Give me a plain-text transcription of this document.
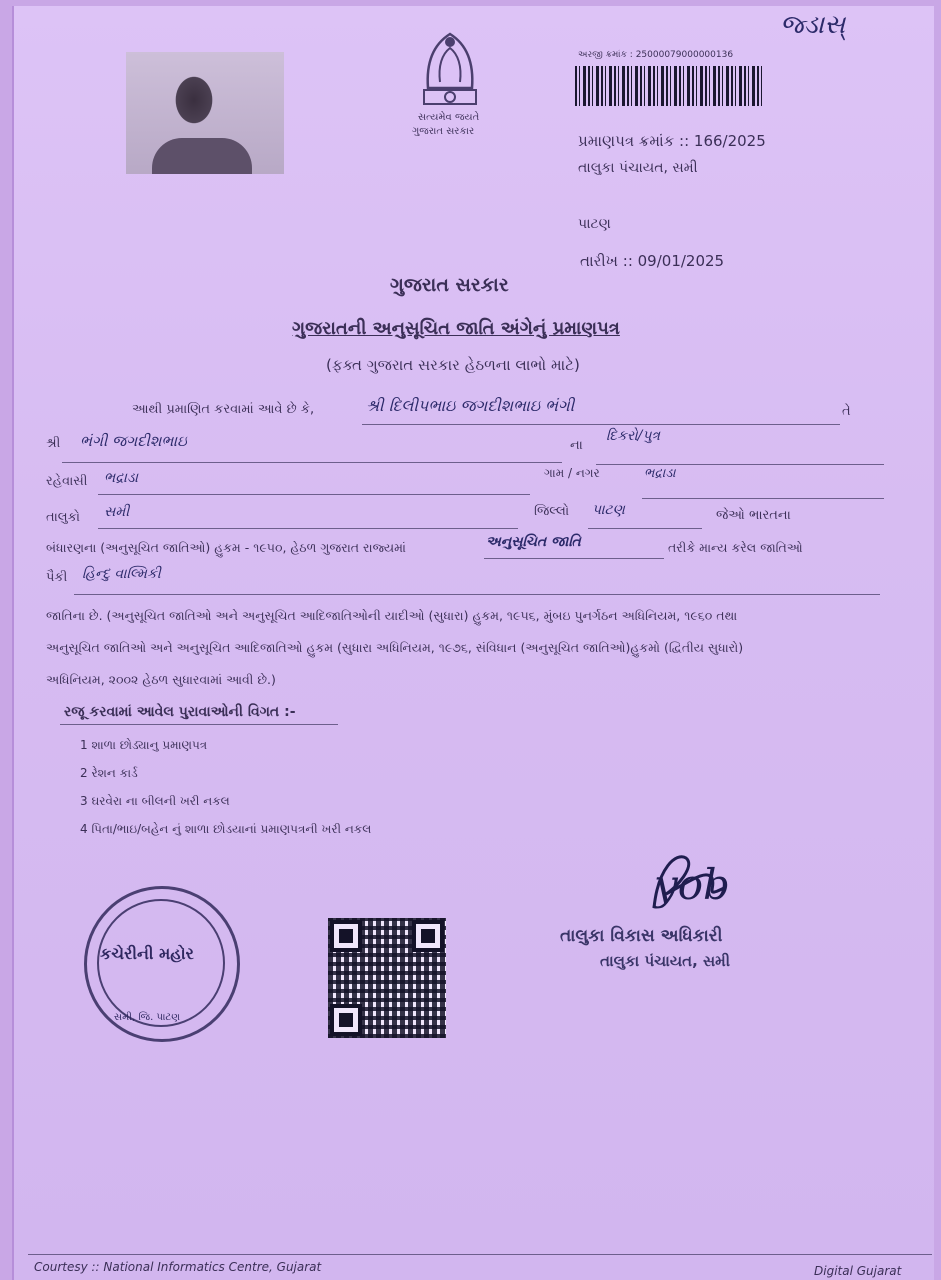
જ્ડાસ્
સત્યમેવ જયતે
ગુજરાત સરકાર
અરજી ક્રમાંક : 25000079000000136
પ્રમાણપત્ર ક્રમાંક :: 166/2025
તાલુકા પંચાયત, સમી
પાટણ
તારીખ :: 09/01/2025
ગુજરાત સરકાર
ગુજરાતની અનુસૂચિત જાતિ અંગેનું પ્રમાણપત્ર
(ફક્ત ગુજરાત સરકાર હેઠળના લાભો માટે)
આથી પ્રમાણિત કરવામાં આવે છે કે,	શ્રી દિલીપભાઇ જગદીશભાઇ ભંગી	તે
શ્રી ભંગી જગદીશભાઇ	ના
દિકરો/પુત્ર
રહેવાસી ભદ્રાડા	ગામ / નગર	ભદ્રાડા
તાલુકો સમી	જિલ્લો પાટણ	જેઓ ભારતના
બંધારણના (અનુસૂચિત જાતિઓ) હુકમ - ૧૯૫૦, હેઠળ ગુજરાત રાજ્યમાં	અનુસૂચિત જાતિ	તરીકે માન્ય કરેલ જાતિઓ
પૈકી હિન્દુ વાલ્મિકી
જાતિના છે. (અનુસૂચિત જાતિઓ અને અનુસૂચિત આદિજાતિઓની યાદીઓ (સુધારા) હુકમ, ૧૯૫૬, મુંબઇ પુનર્ગઠન અધિનિયમ, ૧૯૬૦ તથા
અનુસૂચિત જાતિઓ અને અનુસૂચિત આદિજાતિઓ હુકમ (સુધારા અધિનિયમ, ૧૯૭૬, સંવિધાન (અનુસૂચિત જાતિઓ)હુકમો (દ્વિતીય સુધારો)
અધિનિયમ, ૨૦૦૨ હેઠળ સુધારવામાં આવી છે.)
રજૂ કરવામાં આવેલ પુરાવાઓની વિગત :-
1 શાળા છોડ્યાનુ પ્રમાણપત્ર
2 રેશન કાર્ડ
3 ઘરવેરા ના બીલની ખરી નકલ
4 પિતા/ભાઇ/બહેન નું શાળા છોડયાનાં પ્રમાણપત્રની ખરી નકલ
કચેરીની મહોર
સમી, જિ. પાટણ
yob
તાલુકા વિકાસ અધિકારી
તાલુકા પંચાયત, સમી
Courtesy :: National Informatics Centre, Gujarat	Digital Gujarat
